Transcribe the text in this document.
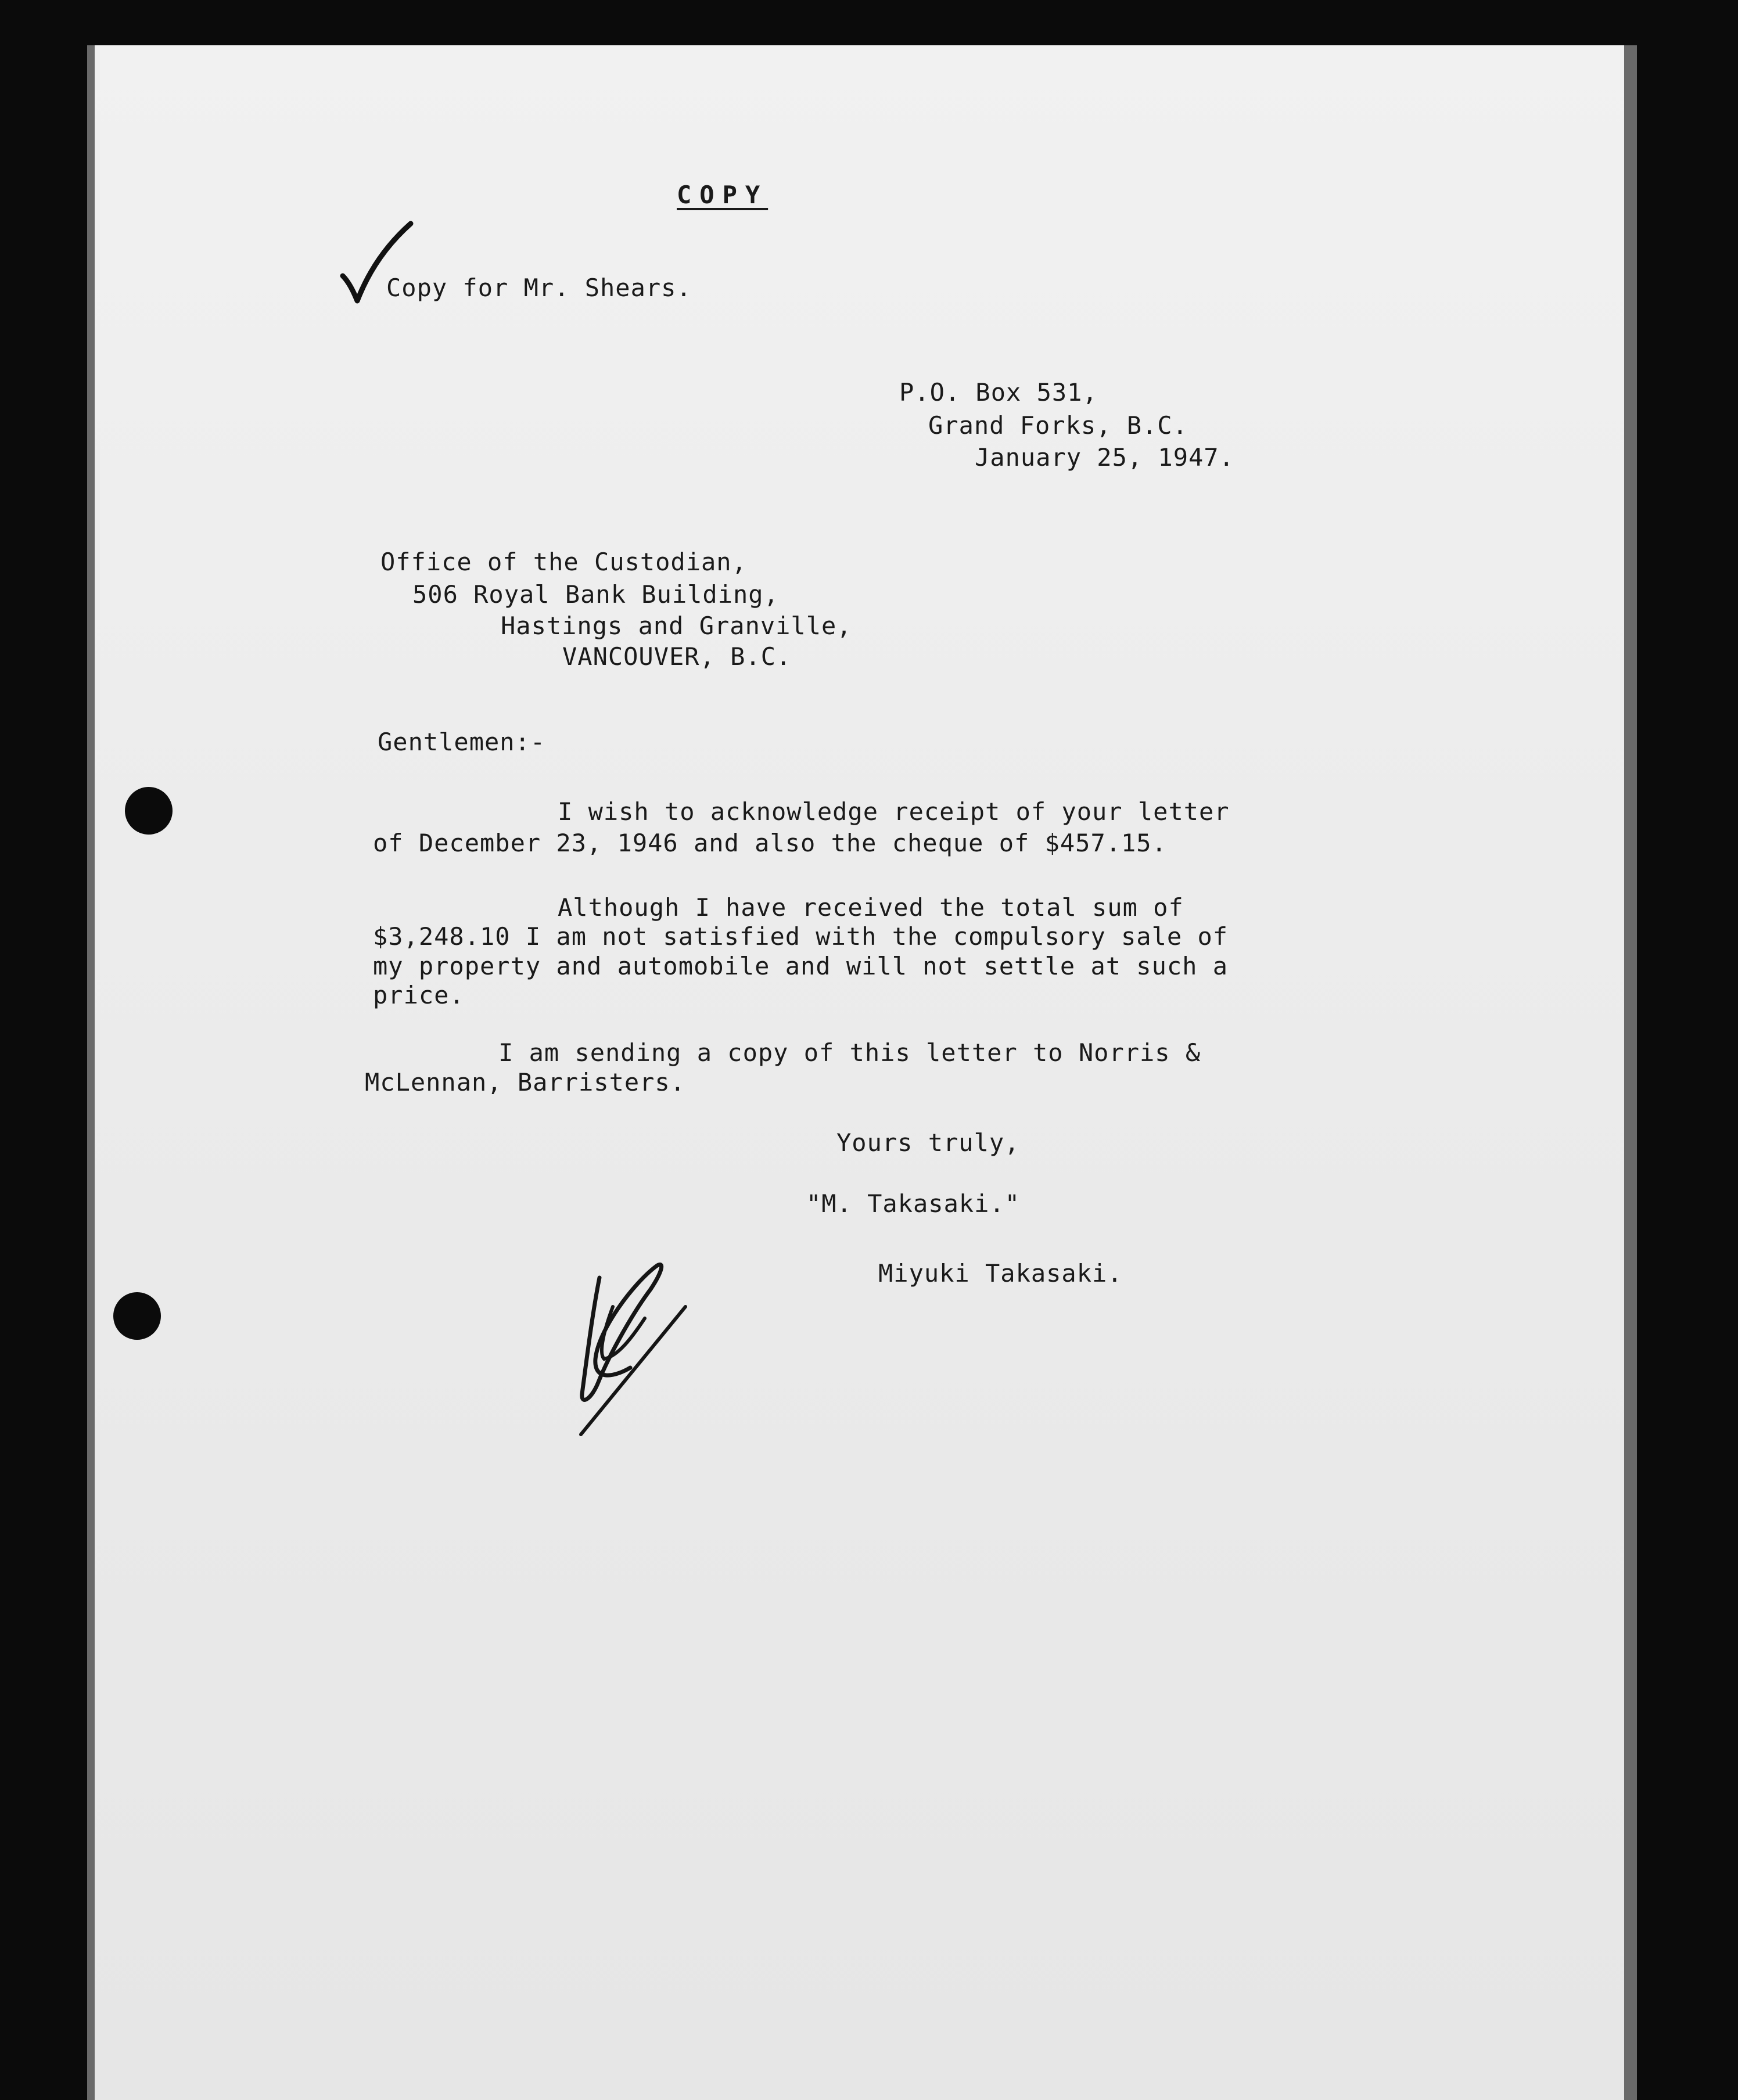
COPY
Copy for Mr. Shears.
P.O. Box 531,
Grand Forks, B.C.
January 25, 1947.
Office of the Custodian,
506 Royal Bank Building,
Hastings and Granville,
VANCOUVER, B.C.
Gentlemen:-
I wish to acknowledge receipt of your letter
of December 23, 1946 and also the cheque of $457.15.
Although I have received the total sum of
$3,248.10 I am not satisfied with the compulsory sale of
my property and automobile and will not settle at such a
price.
I am sending a copy of this letter to Norris &
McLennan, Barristers.
Yours truly,
"M. Takasaki."
Miyuki Takasaki.
